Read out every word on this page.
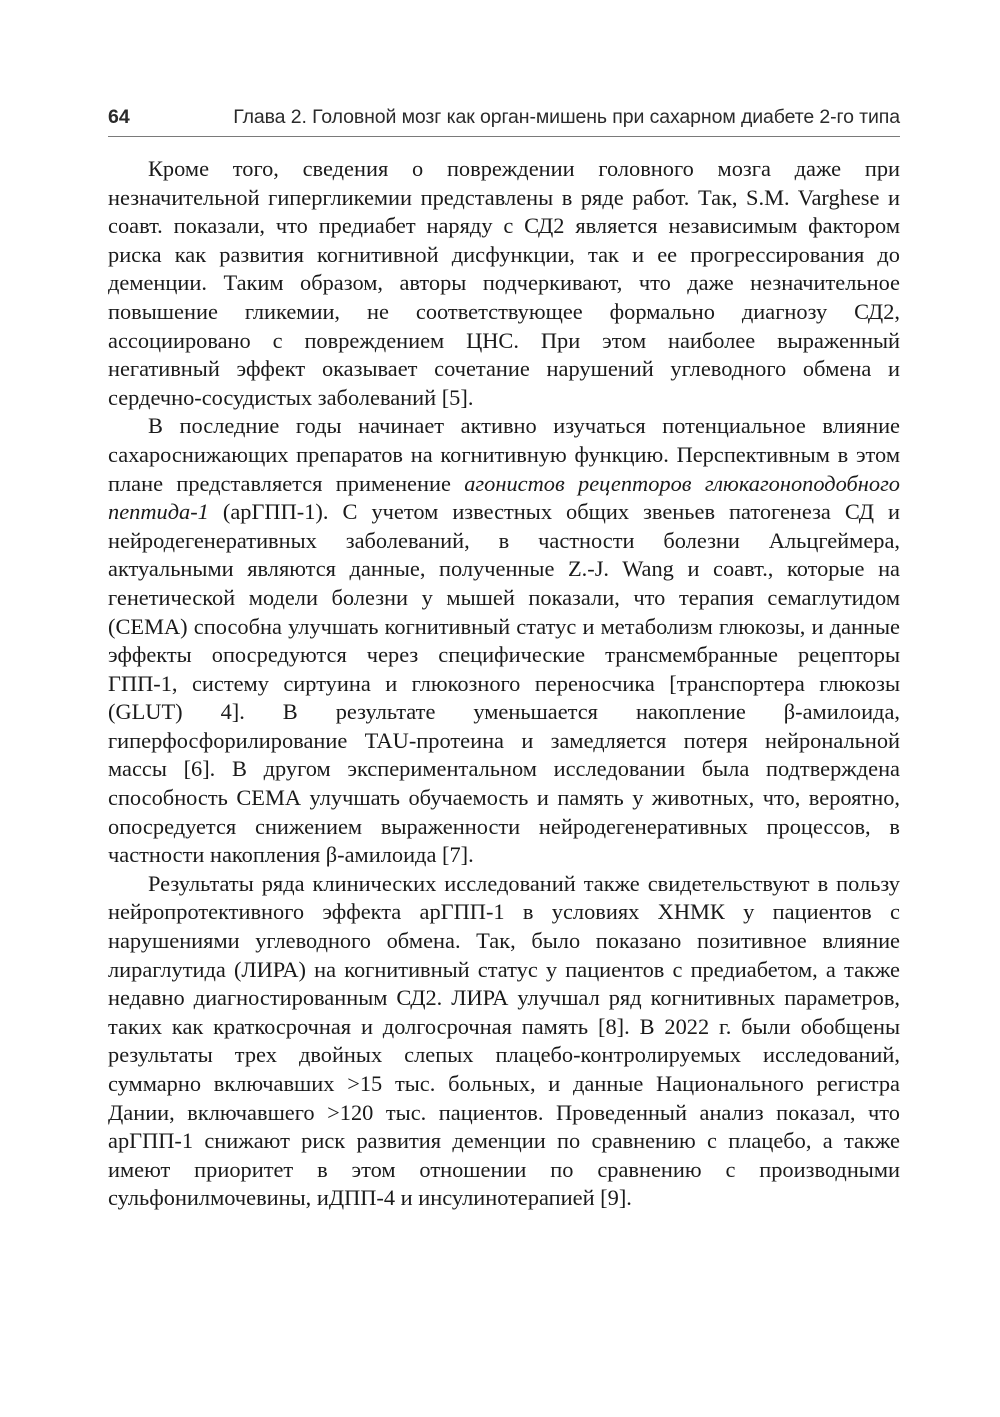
64	Глава 2. Головной мозг как орган-мишень при сахарном диабете 2-го типа

Кроме того, сведения о повреждении головного мозга даже при незначительной гипергликемии представлены в ряде работ. Так, S.M. Varghese и соавт. показали, что предиабет наряду с СД2 является независимым фактором риска как развития когнитивной дисфункции, так и ее прогрессирования до деменции. Таким образом, авторы подчеркивают, что даже незначительное повышение гликемии, не соответствующее формально диагнозу СД2, ассоциировано с повреждением ЦНС. При этом наиболее выраженный негативный эффект оказывает сочетание нарушений углеводного обмена и сердечно-сосудистых заболеваний [5].

В последние годы начинает активно изучаться потенциальное влияние сахароснижающих препаратов на когнитивную функцию. Перспективным в этом плане представляется применение агонистов рецепторов глюкагоноподобного пептида-1 (арГПП-1). С учетом известных общих звеньев патогенеза СД и нейродегенеративных заболеваний, в частности болезни Альцгеймера, актуальными являются данные, полученные Z.-J. Wang и соавт., которые на генетической модели болезни у мышей показали, что терапия семаглутидом (СЕМА) способна улучшать когнитивный статус и метаболизм глюкозы, и данные эффекты опосредуются через специфические трансмембранные рецепторы ГПП-1, систему сиртуина и глюкозного переносчика [транспортера глюкозы (GLUT) 4]. В результате уменьшается накопление β-амилоида, гиперфосфорилирование TAU-протеина и замедляется потеря нейрональной массы [6]. В другом экспериментальном исследовании была подтверждена способность СЕМА улучшать обучаемость и память у животных, что, вероятно, опосредуется снижением выраженности нейродегенеративных процессов, в частности накопления β-амилоида [7].

Результаты ряда клинических исследований также свидетельствуют в пользу нейропротективного эффекта арГПП-1 в условиях ХНМК у пациентов с нарушениями углеводного обмена. Так, было показано позитивное влияние лираглутида (ЛИРА) на когнитивный статус у пациентов с предиабетом, а также недавно диагностированным СД2. ЛИРА улучшал ряд когнитивных параметров, таких как краткосрочная и долгосрочная память [8]. В 2022 г. были обобщены результаты трех двойных слепых плацебо-контролируемых исследований, суммарно включавших >15 тыс. больных, и данные Национального регистра Дании, включавшего >120 тыс. пациентов. Проведенный анализ показал, что арГПП-1 снижают риск развития деменции по сравнению с плацебо, а также имеют приоритет в этом отношении по сравнению с производными сульфонилмочевины, иДПП-4 и инсулинотерапией [9].
